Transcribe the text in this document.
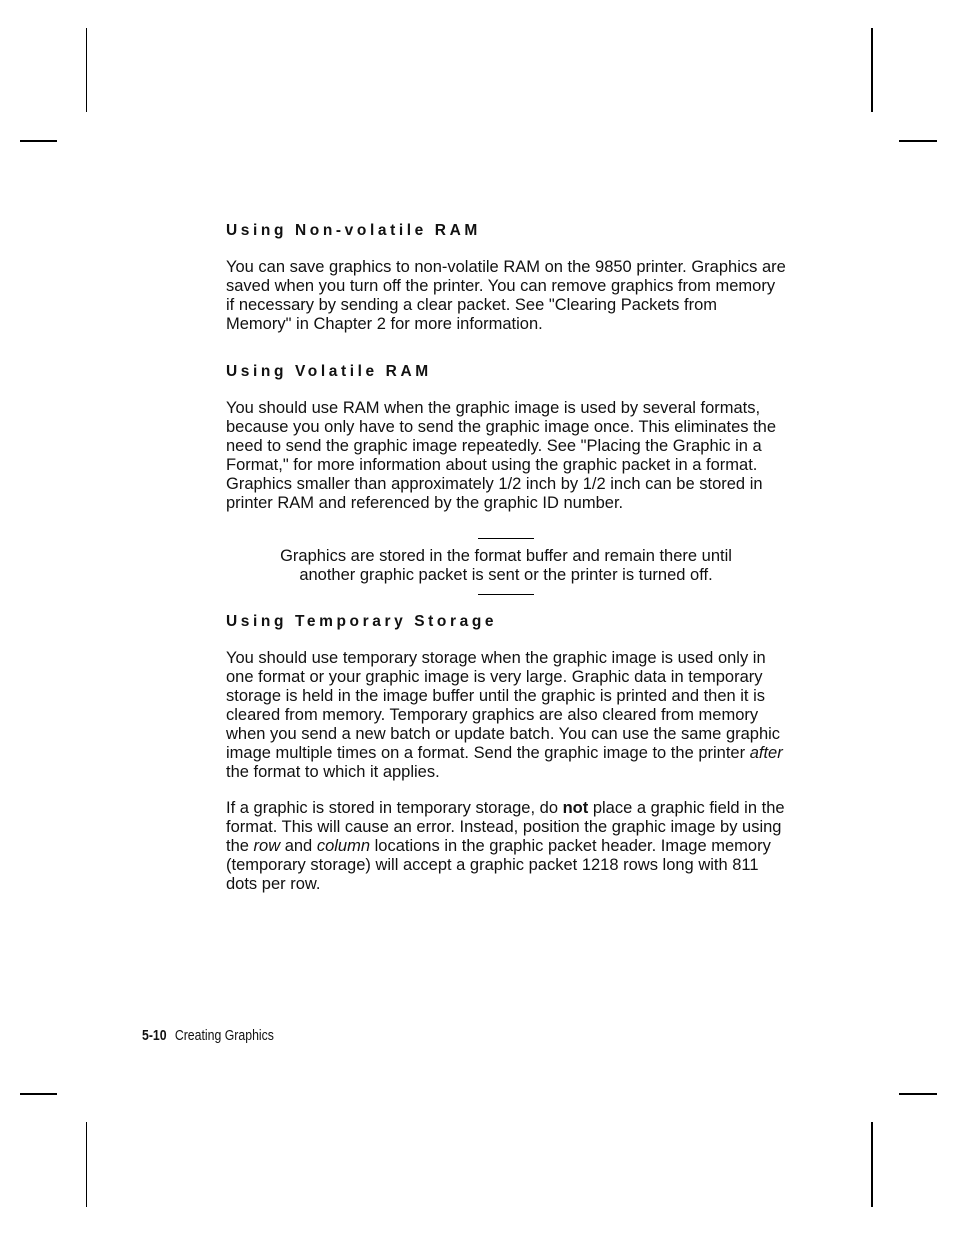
Using Non-volatile RAM

You can save graphics to non-volatile RAM on the 9850 printer. Graphics are saved when you turn off the printer. You can remove graphics from memory if necessary by sending a clear packet. See "Clearing Packets from Memory" in Chapter 2 for more information.

Using Volatile RAM

You should use RAM when the graphic image is used by several formats, because you only have to send the graphic image once. This eliminates the need to send the graphic image repeatedly. See "Placing the Graphic in a Format," for more information about using the graphic packet in a format. Graphics smaller than approximately 1/2 inch by 1/2 inch can be stored in printer RAM and referenced by the graphic ID number.

Graphics are stored in the format buffer and remain there until another graphic packet is sent or the printer is turned off.

Using Temporary Storage

You should use temporary storage when the graphic image is used only in one format or your graphic image is very large. Graphic data in temporary storage is held in the image buffer until the graphic is printed and then it is cleared from memory. Temporary graphics are also cleared from memory when you send a new batch or update batch. You can use the same graphic image multiple times on a format. Send the graphic image to the printer after the format to which it applies.

If a graphic is stored in temporary storage, do not place a graphic field in the format. This will cause an error. Instead, position the graphic image by using the row and column locations in the graphic packet header. Image memory (temporary storage) will accept a graphic packet 1218 rows long with 811 dots per row.

5-10 Creating Graphics
